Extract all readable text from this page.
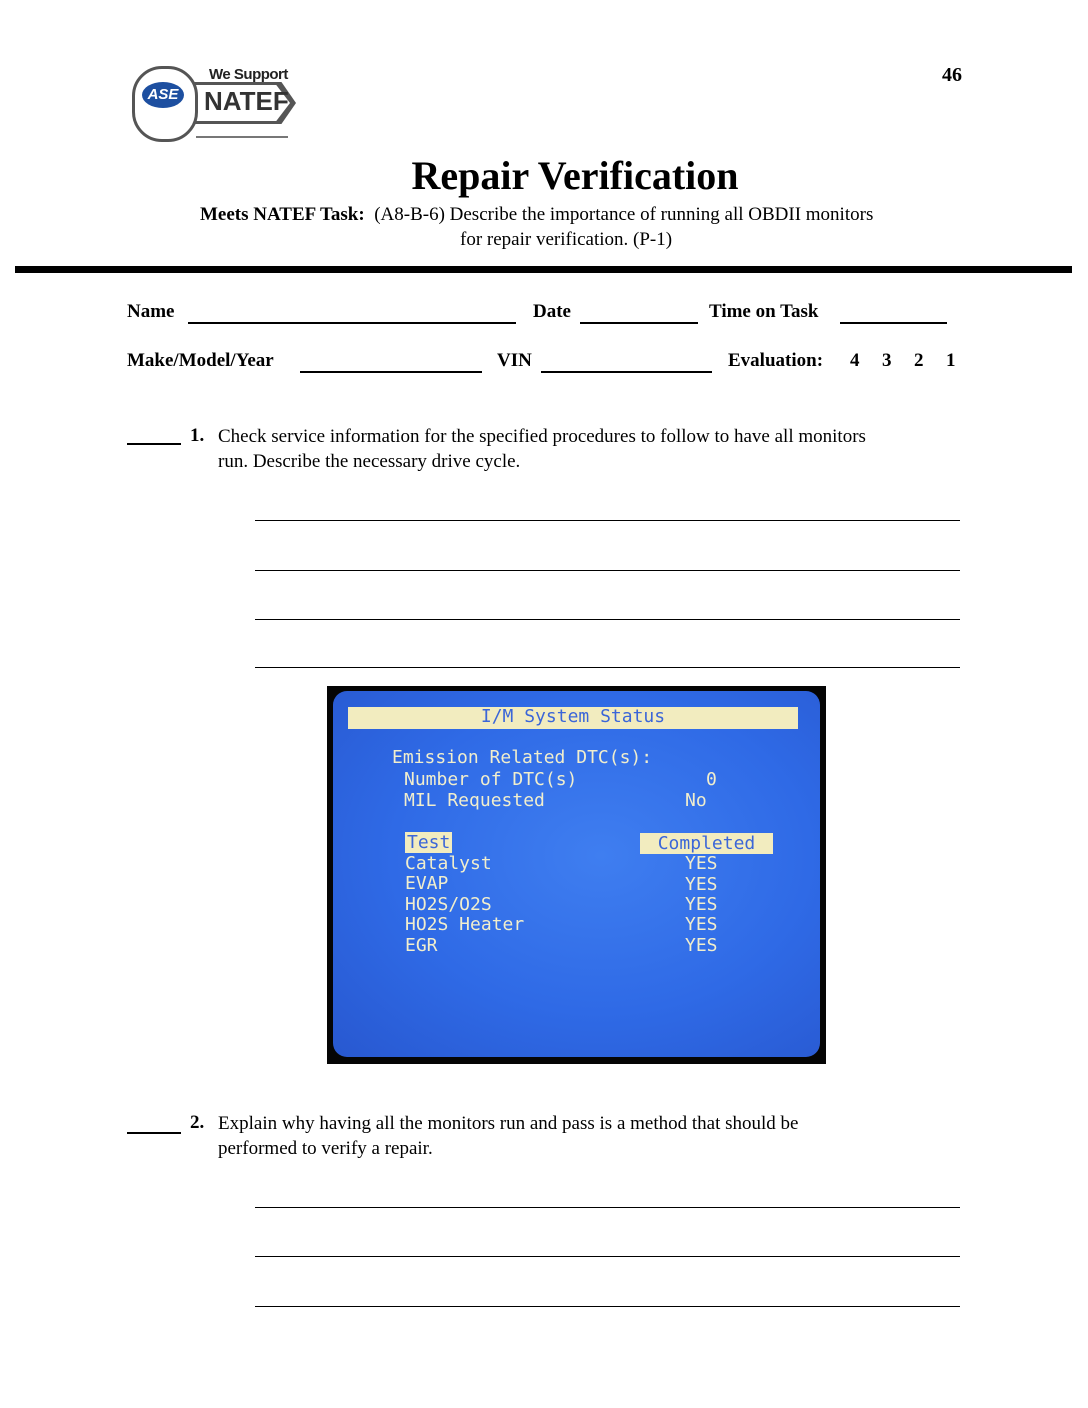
46
ASE
We Support
NATEF
Repair Verification
Meets NATEF Task: (A8-B-6) Describe the importance of running all OBDII monitors
for repair verification. (P-1)
Name	Date	Time on Task
Make/Model/Year	VIN	Evaluation: 4 3 2 1
1. Check service information for the specified procedures to follow to have all monitors
run. Describe the necessary drive cycle.
I/M System Status
Emission Related DTC(s):
Number of DTC(s)	0
MIL Requested	No
Test	Completed
Catalyst	YES
EVAP	YES
HO2S/O2S	YES
HO2S Heater	YES
EGR	YES
2. Explain why having all the monitors run and pass is a method that should be
performed to verify a repair.
